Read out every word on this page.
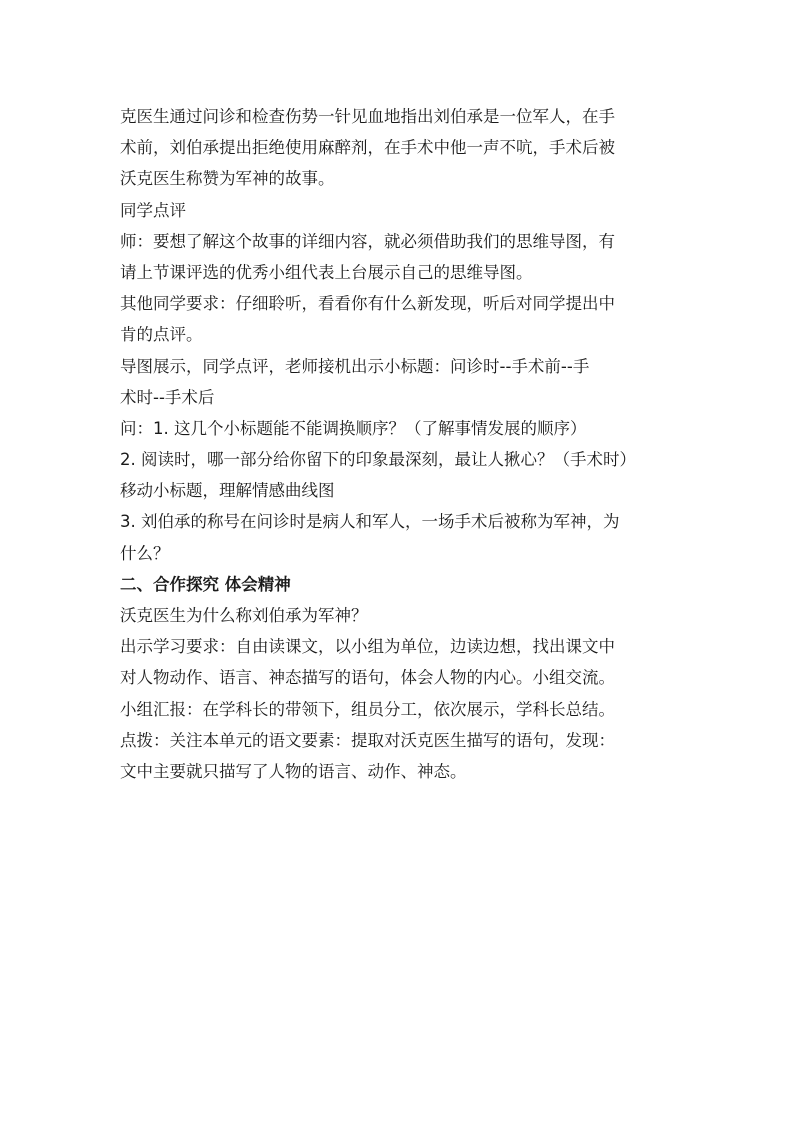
克医生通过问诊和检查伤势一针见血地指出刘伯承是一位军人，在手
术前，刘伯承提出拒绝使用麻醉剂，在手术中他一声不吭，手术后被
沃克医生称赞为军神的故事。
同学点评
师：要想了解这个故事的详细内容，就必须借助我们的思维导图，有
请上节课评选的优秀小组代表上台展示自己的思维导图。
其他同学要求：仔细聆听，看看你有什么新发现，听后对同学提出中
肯的点评。
导图展示，同学点评，老师接机出示小标题：问诊时--手术前--手
术时--手术后
问：1. 这几个小标题能不能调换顺序？（了解事情发展的顺序）
2. 阅读时，哪一部分给你留下的印象最深刻，最让人揪心？（手术时）
移动小标题，理解情感曲线图
3. 刘伯承的称号在问诊时是病人和军人，一场手术后被称为军神，为
什么？
二、合作探究 体会精神
沃克医生为什么称刘伯承为军神？
出示学习要求：自由读课文，以小组为单位，边读边想，找出课文中
对人物动作、语言、神态描写的语句，体会人物的内心。小组交流。
小组汇报：在学科长的带领下，组员分工，依次展示，学科长总结。
点拨：关注本单元的语文要素：提取对沃克医生描写的语句，发现：
文中主要就只描写了人物的语言、动作、神态。
